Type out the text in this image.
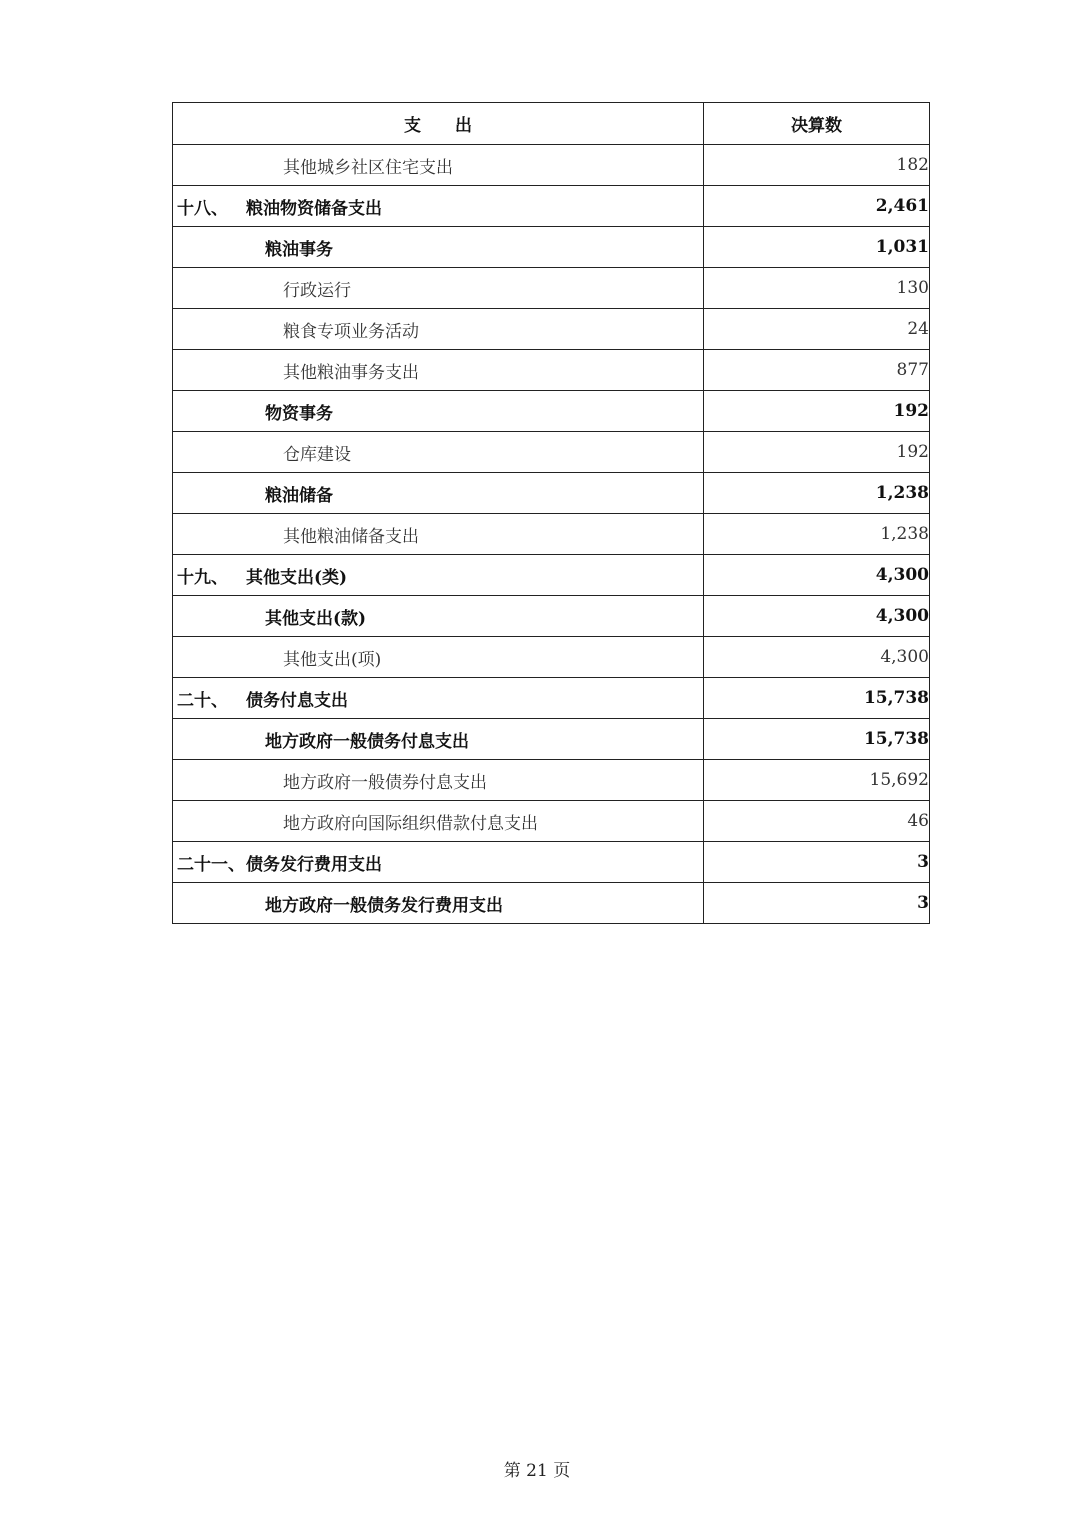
支　　出	决算数
其他城乡社区住宅支出	182
十八、 粮油物资储备支出	2,461
粮油事务	1,031
行政运行	130
粮食专项业务活动	24
其他粮油事务支出	877
物资事务	192
仓库建设	192
粮油储备	1,238
其他粮油储备支出	1,238
十九、 其他支出(类)	4,300
其他支出(款)	4,300
其他支出(项)	4,300
二十、 债务付息支出	15,738
地方政府一般债务付息支出	15,738
地方政府一般债券付息支出	15,692
地方政府向国际组织借款付息支出	46
二十一、债务发行费用支出	3
地方政府一般债务发行费用支出	3
第 21 页
